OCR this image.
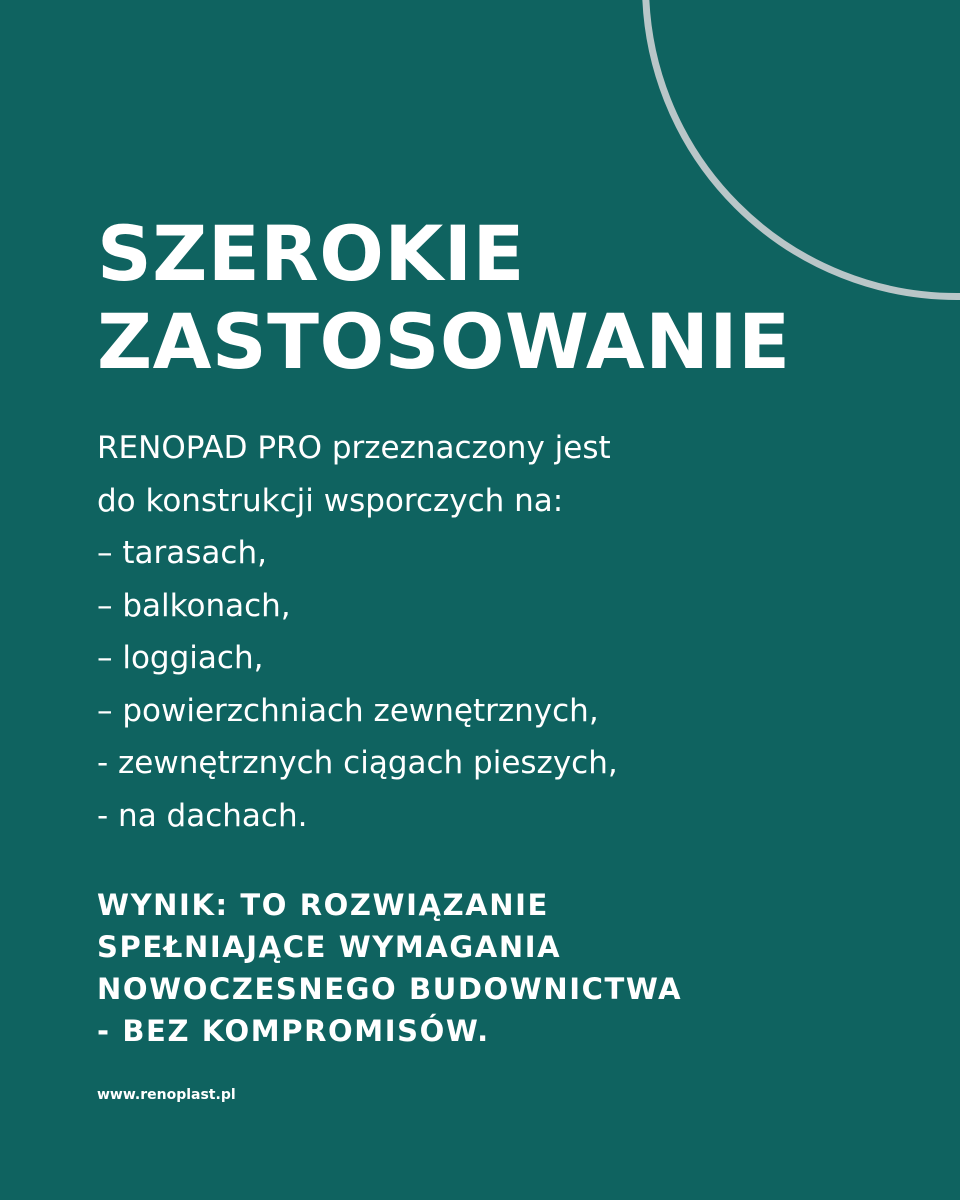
SZEROKIE
ZASTOSOWANIE
RENOPAD PRO przeznaczony jest
do konstrukcji wsporczych na:
– tarasach,
– balkonach,
– loggiach,
– powierzchniach zewnętrznych,
- zewnętrznych ciągach pieszych,
- na dachach.
WYNIK: TO ROZWIĄZANIE
SPEŁNIAJĄCE WYMAGANIA
NOWOCZESNEGO BUDOWNICTWA
- BEZ KOMPROMISÓW.
www.renoplast.pl
